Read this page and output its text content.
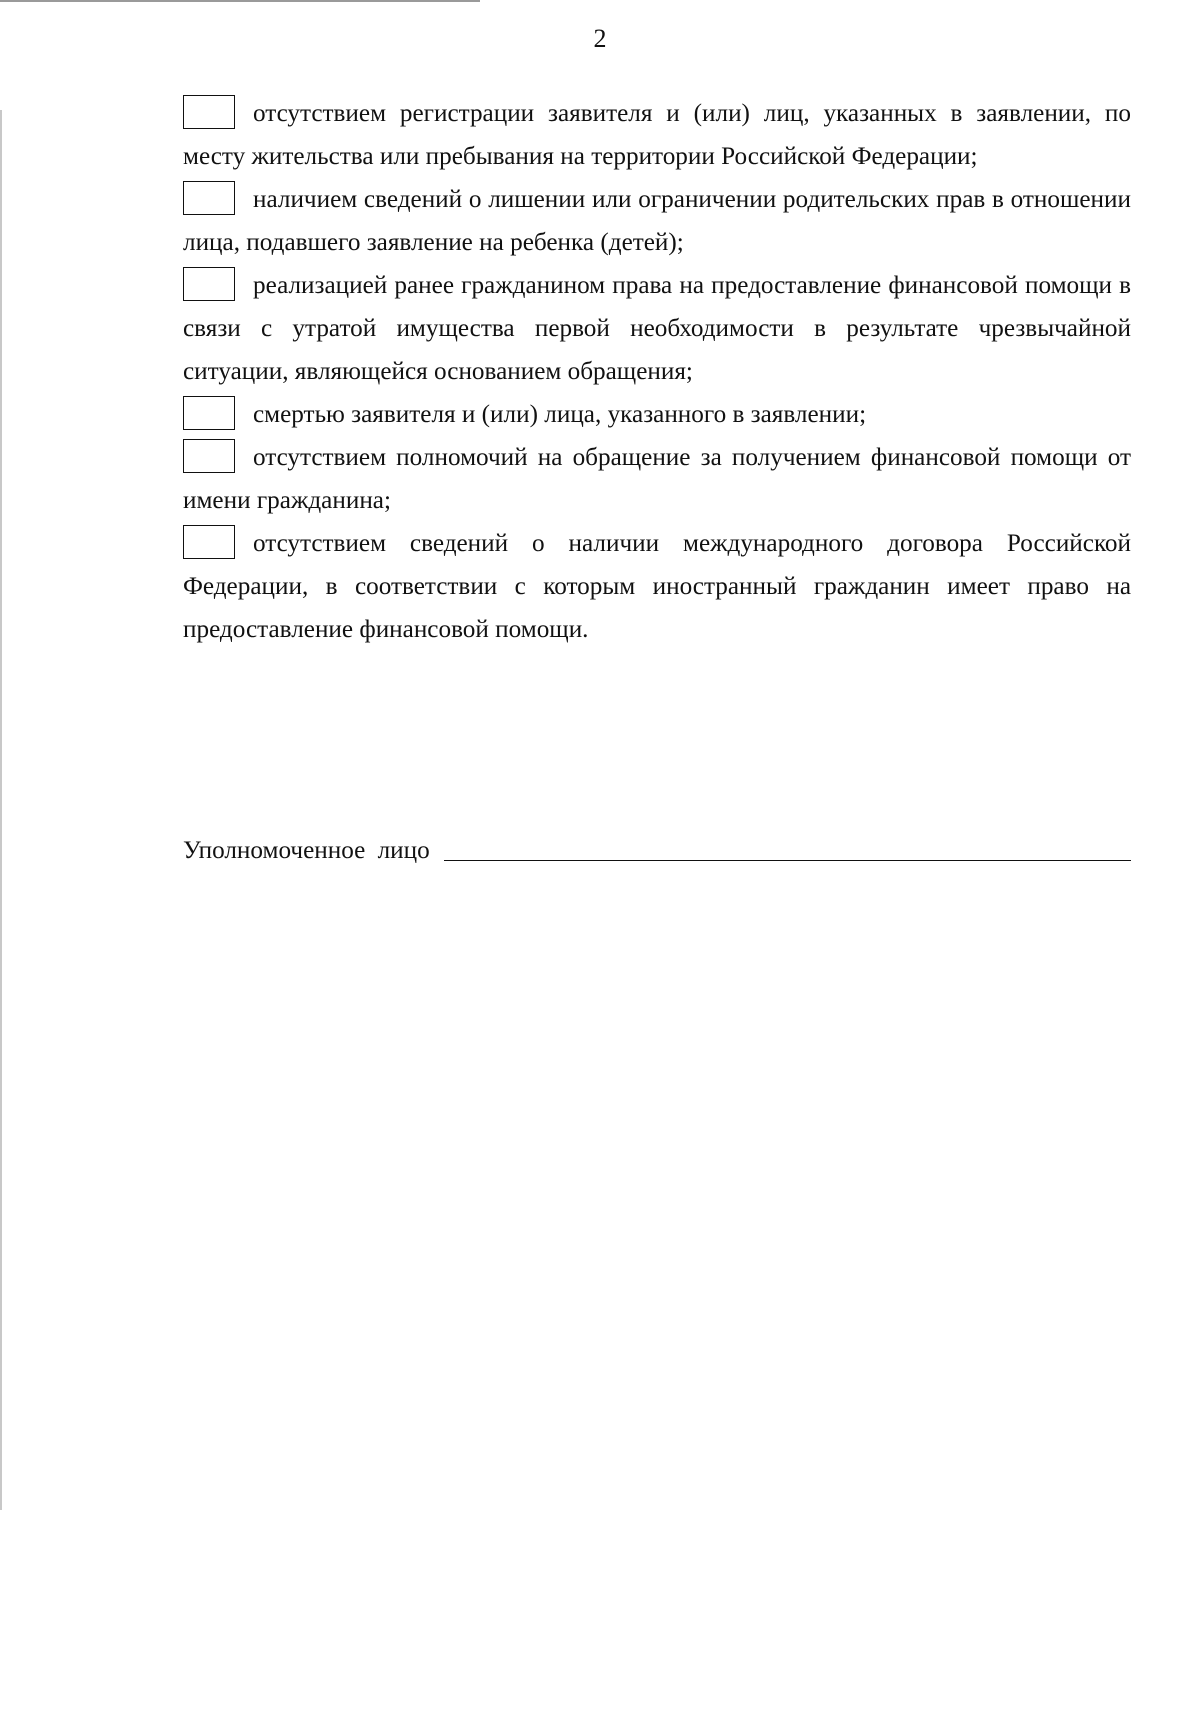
2
отсутствием регистрации заявителя и (или) лиц, указанных в заявлении, по месту жительства или пребывания на территории Российской Федерации;
наличием сведений о лишении или ограничении родительских прав в отношении лица, подавшего заявление на ребенка (детей);
реализацией ранее гражданином права на предоставление финансовой помощи в связи с утратой имущества первой необходимости в результате чрезвычайной ситуации, являющейся основанием обращения;
смертью заявителя и (или) лица, указанного в заявлении;
отсутствием полномочий на обращение за получением финансовой помощи от имени гражданина;
отсутствием сведений о наличии международного договора Российской Федерации, в соответствии с которым иностранный гражданин имеет право на предоставление финансовой помощи.
Уполномоченное лицо
